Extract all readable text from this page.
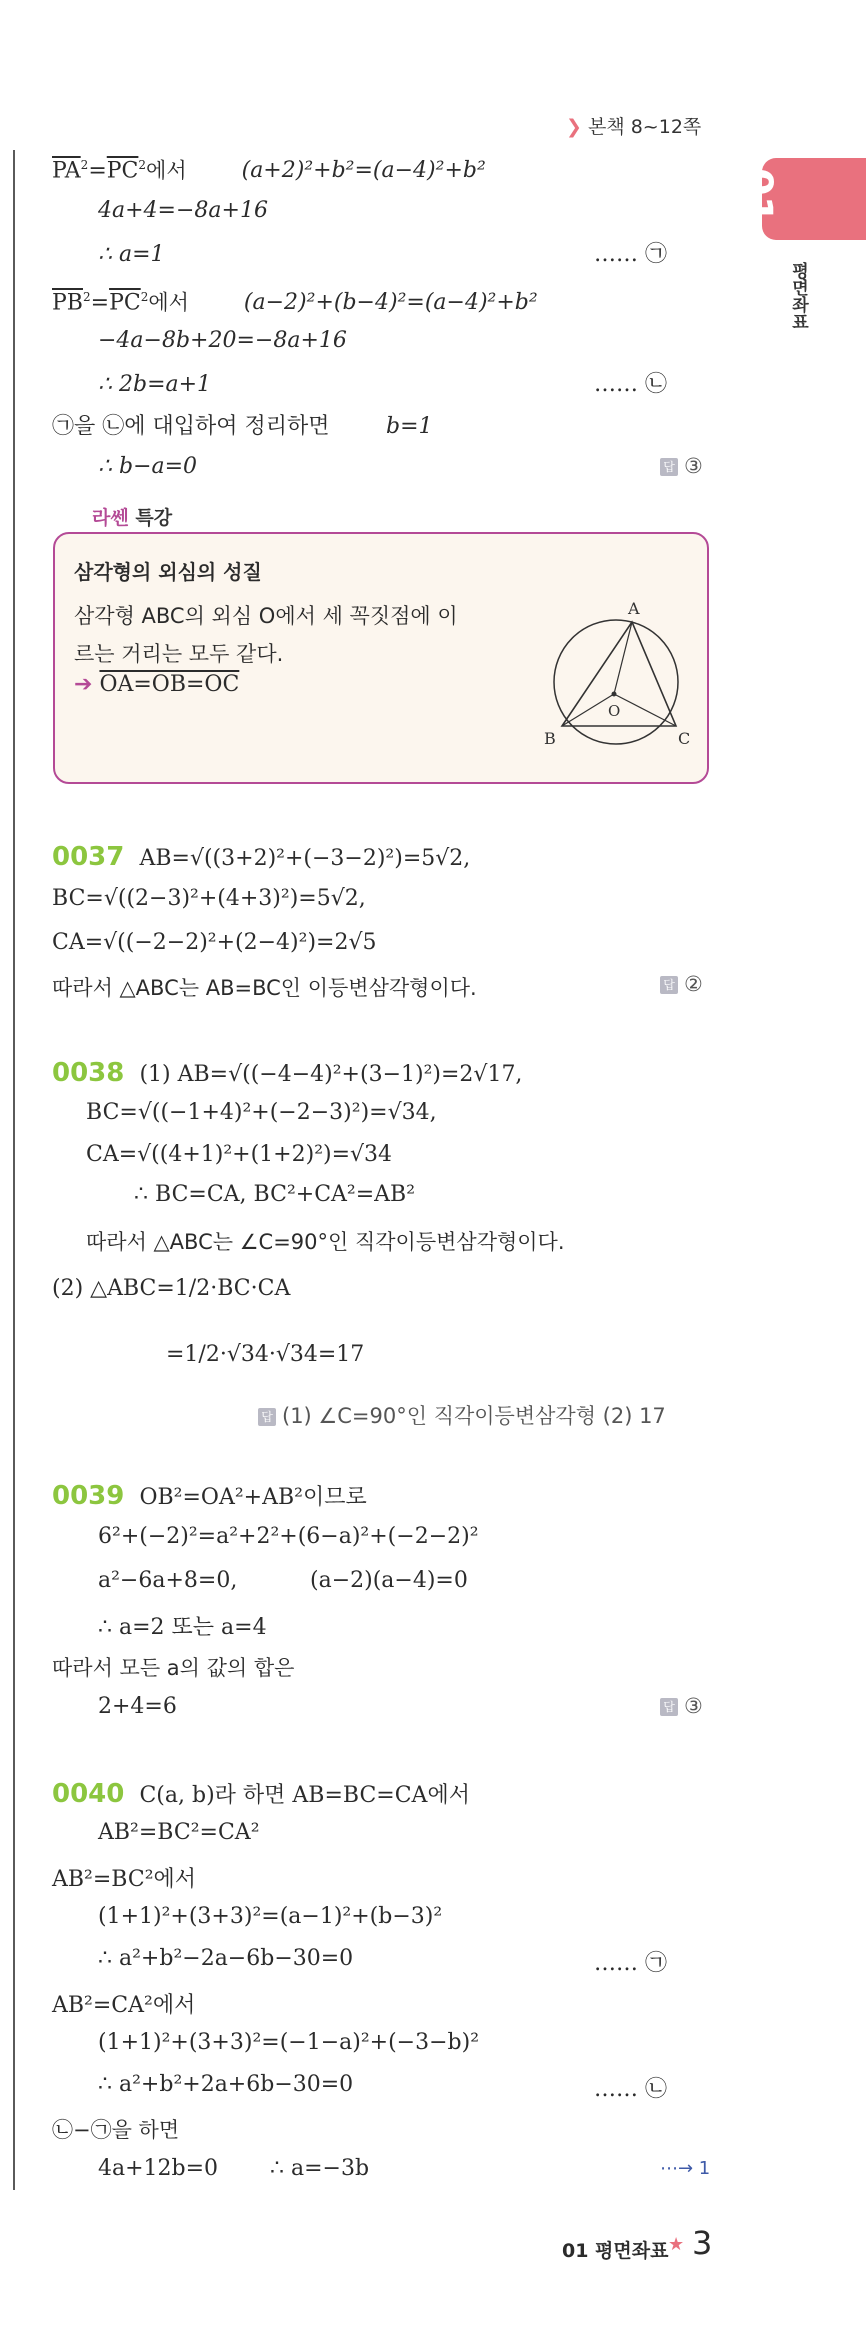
❯ 본책 8~12쪽
01
평면좌표
$\overline{PA}^2=\overline{PC}^2$에서	(a+2)²+b²=(a−4)²+b²
4a+4=−8a+16
∴ a=1	…… ㉠
$\overline{PB}^2=\overline{PC}^2$에서	(a−2)²+(b−4)²=(a−4)²+b²
−4a−8b+20=−8a+16
∴ 2b=a+1	…… ㉡
㉠을 ㉡에 대입하여 정리하면	b=1
∴ b−a=0	답 ③
라쎈 특강
삼각형의 외심의 성질
삼각형 ABC의 외심 O에서 세 꼭짓점에 이
르는 거리는 모두 같다.
➔ OA=OB=OC
A
B	C
O
0037 AB=√((3+2)²+(−3−2)²)=5√2,
BC=√((2−3)²+(4+3)²)=5√2,
CA=√((−2−2)²+(2−4)²)=2√5
따라서 △ABC는 AB=BC인 이등변삼각형이다.	답 ②
0038 (1) AB=√((−4−4)²+(3−1)²)=2√17,
BC=√((−1+4)²+(−2−3)²)=√34,
CA=√((4+1)²+(1+2)²)=√34
∴ BC=CA, BC²+CA²=AB²
따라서 △ABC는 ∠C=90°인 직각이등변삼각형이다.
(2) △ABC=1/2·BC·CA
=1/2·√34·√34=17
답 (1) ∠C=90°인 직각이등변삼각형 (2) 17
0039 OB²=OA²+AB²이므로
6²+(−2)²=a²+2²+(6−a)²+(−2−2)²
a²−6a+8=0,	(a−2)(a−4)=0
∴ a=2 또는 a=4
따라서 모든 a의 값의 합은
2+4=6	답 ③
0040 C(a, b)라 하면 AB=BC=CA에서
AB²=BC²=CA²
AB²=BC²에서
(1+1)²+(3+3)²=(a−1)²+(b−3)²
∴ a²+b²−2a−6b−30=0	…… ㉠
AB²=CA²에서
(1+1)²+(3+3)²=(−1−a)²+(−3−b)²
∴ a²+b²+2a+6b−30=0	…… ㉡
㉡−㉠을 하면
4a+12b=0 ∴ a=−3b	⋯→ 1
01 평면좌표 ★ 3
